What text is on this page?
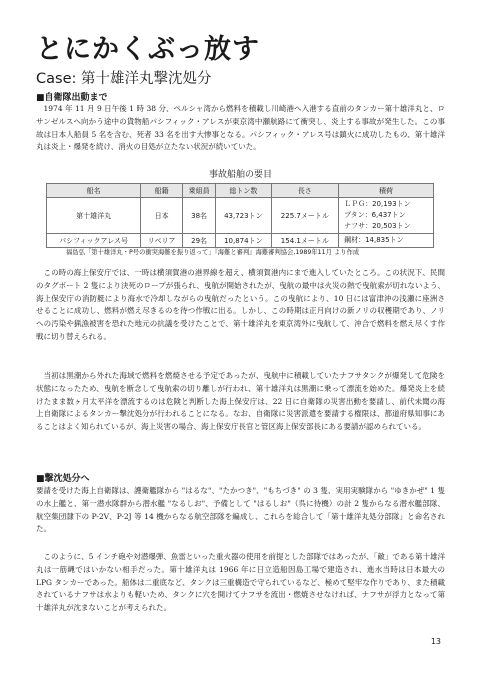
とにかくぶっ放す
Case: 第十雄洋丸撃沈処分
■ 自衛隊出動まで
1974 年 11 月 9 日午後 1 時 38 分、ペルシャ湾から燃料を積載し川崎港へ入港する直前のタンカー第十雄洋丸と、ロサンゼルスへ向かう途中の貨物船パシフィック・アレスが東京湾中瀬航路にて衝突し、炎上する事故が発生した。この事故は日本人船員 5 名を含む、死者 33 名を出す大惨事となる。パシフィック・アレス号は鎮火に成功したもの、第十雄洋丸は炎上・爆発を続け、消火の目処が立たない状況が続いていた。
事故船舶の要目
船名	船籍	乗組員	総トン数	長さ	積荷
第十雄洋丸	日本	38名	43,723トン	225.7メートル	ＬＰＧ：20,193トン
ブタン：6,437トン
ナフサ：20,503トン

パシフィックアレス号	リベリア	29名	10,874トン	154.1メートル	鋼材：14,835トン
福島弘「第十雄洋丸・P号の衝突海難を振り返って」『海難と審判』海難審判協会,1989年11月 より作成
この時の海上保安庁では、一時は横須賀港の港界線を超え、横須賀港内にまで進入していたところ。この状況下、民間のタグボート 2 隻により決死のロープが張られ、曳航が開始されたが、曳航の最中は火災の熱で曳航索が切れないよう、海上保安庁の消防艇により海水で冷却しながらの曳航だったという。この曳航により、10 日には富津沖の浅瀬に座洲させることに成功し、燃料が燃え尽きるのを待つ作戦に出る。しかし、この時期は正月向けの新ノリの収穫期であり、ノリへの汚染や猟漁被害を恐れた地元の抗議を受けたことで、第十雄洋丸を東京湾外に曳航して、沖合で燃料を燃え尽くす作戦に切り替えられる。
当初は黒潮から外れた海域で燃料を燃焼させる予定であったが、曳航中に積載していたナフサタンクが爆発して危険を状態になったため、曳航を断念して曳航索の切り離しが行われ、第十雄洋丸は黒潮に乗って漂流を始めた。爆発炎上を続けたまま数ヶ月太平洋を漂流するのは危険と判断した海上保安庁は、22 日に自衛隊の災害出動を要請し、前代未聞の海上自衛隊によるタンカー撃沈処分が行われることになる。なお、自衛隊に災害派遣を要請する権限は、都道府県知事にあることはよく知られているが、海上災害の場合、海上保安庁長官と管区海上保安部長にある要請が認められている。
■ 撃沈処分へ
要請を受けた海上自衛隊は、護衛艦隊から "はるな"、"たかつき"、"もちづき" の 3 隻、実用実験隊から "ゆきかぜ" 1 隻の水上艦と、第一潜水隊群から潜水艦 "なるしお"、予備として "はるしお"（呉に待機）の計 2 隻からなる潜水艦部隊、航空集団隷下の P-2V、P-2J 等 14 機からなる航空部隊を編成し、これらを総合して「第十雄洋丸処分部隊」と命名された。
このように、5 インチ砲や対潜爆弾、魚雷といった重火器の使用を前提とした部隊ではあったが、「敵」である第十雄洋丸は一筋縄ではいかない相手だった。第十雄洋丸は 1966 年に日立造船因島工場で建造され、進水当時は日本最大の LPG タンカーであった。船体は二重底など、タンクは三重構造で守られているなど、極めて堅牢な作りであり、また積載されているナフサは水よりも軽いため、タンクに穴を開けてナフサを流出・燃焼させなければ、ナフサが浮力となって第十雄洋丸が沈まないことが考えられた。
13
